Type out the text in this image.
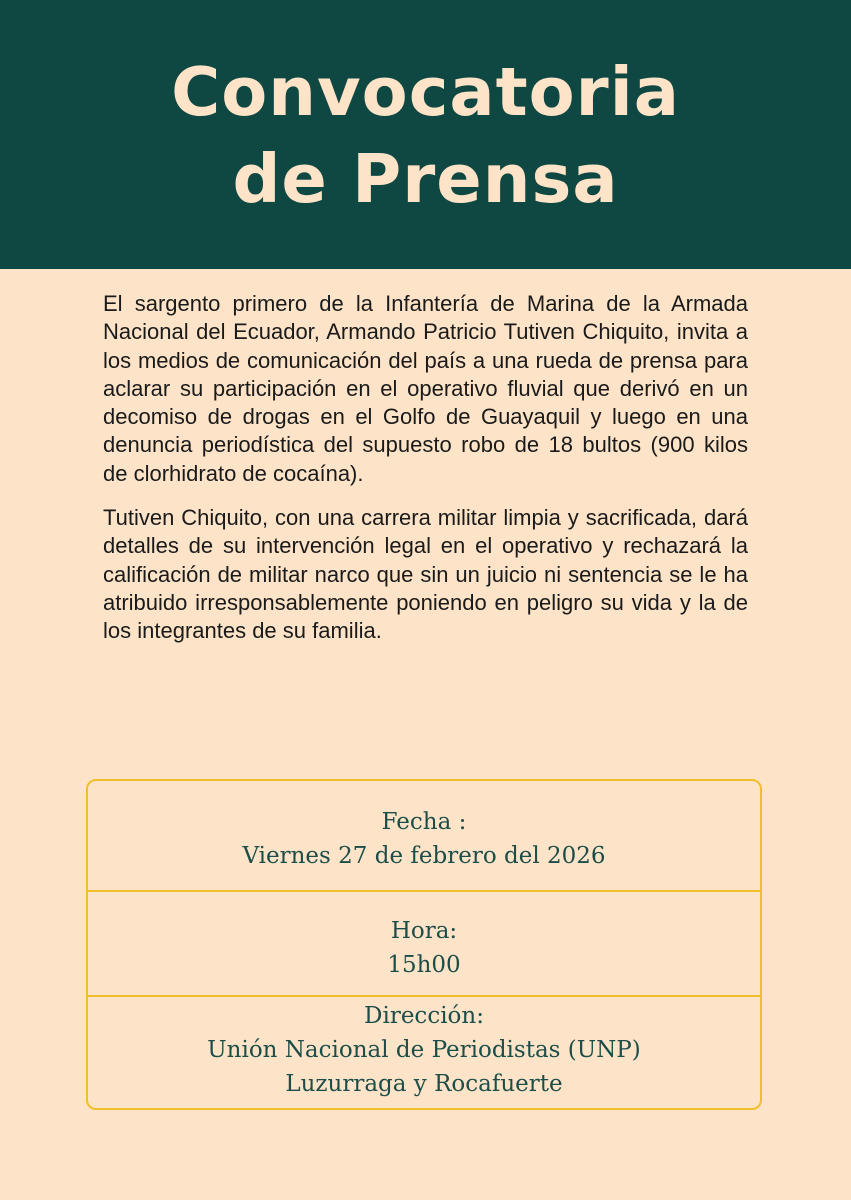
Convocatoria
de Prensa

El sargento primero de la Infantería de Marina de la Armada Nacional del Ecuador, Armando Patricio Tutiven Chiquito, invita a los medios de comunicación del país a una rueda de prensa para aclarar su participación en el operativo fluvial que derivó en un decomiso de drogas en el Golfo de Guayaquil y luego en una denuncia periodística del supuesto robo de 18 bultos (900 kilos de clorhidrato de cocaína).

Tutiven Chiquito, con una carrera militar limpia y sacrificada, dará detalles de su intervención legal en el operativo y rechazará la calificación de militar narco que sin un juicio ni sentencia se le ha atribuido irresponsablemente poniendo en peligro su vida y la de los integrantes de su familia.

Fecha :
Viernes 27 de febrero del 2026
Hora:
15h00
Dirección:
Unión Nacional de Periodistas (UNP)
Luzurraga y Rocafuerte
